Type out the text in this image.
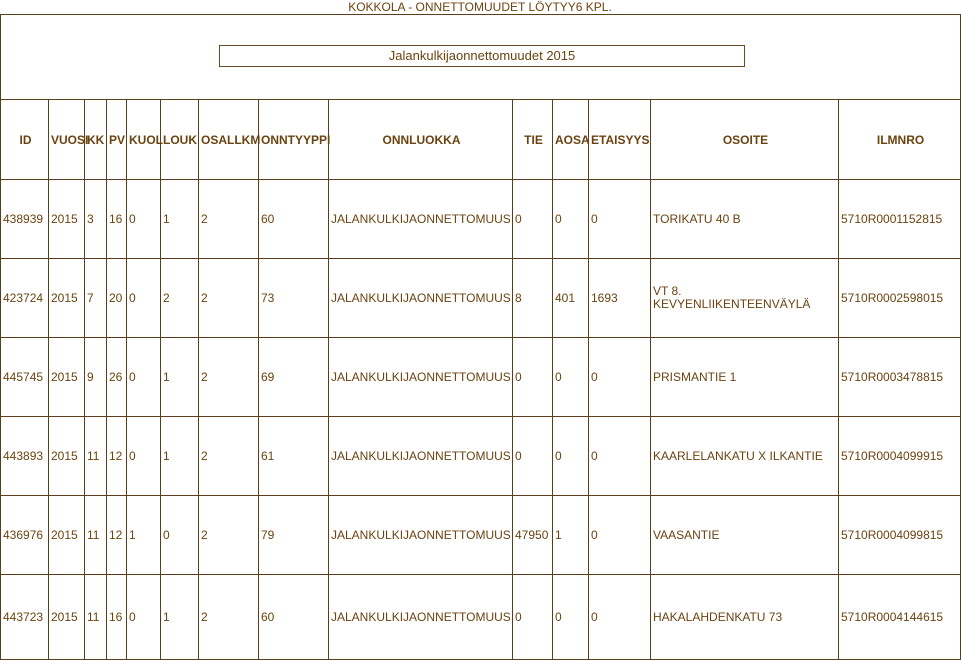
KOKKOLA - ONNETTOMUUDET LÖYTYY6 KPL.
Jalankulkijaonnettomuudet 2015													

ID	VUOSI	KK	PV	KUOL	LOUK	OSALLKM	ONNTYYPPI	ONNLUOKKA	TIE	AOSA	ETAISYYS	OSOITE	ILMNRO
438939	2015	3	16	0	1	2	60	JALANKULKIJAONNETTOMUUS	0	0	0	TORIKATU 40 B	5710R0001152815
423724	2015	7	20	0	2	2	73	JALANKULKIJAONNETTOMUUS	8	401	1693	VT 8. KEVYENLIIKENTEENVÄYLÄ	5710R0002598015
445745	2015	9	26	0	1	2	69	JALANKULKIJAONNETTOMUUS	0	0	0	PRISMANTIE 1	5710R0003478815
443893	2015	11	12	0	1	2	61	JALANKULKIJAONNETTOMUUS	0	0	0	KAARLELANKATU X ILKANTIE	5710R0004099915
436976	2015	11	12	1	0	2	79	JALANKULKIJAONNETTOMUUS	47950	1	0	VAASANTIE	5710R0004099815
443723	2015	11	16	0	1	2	60	JALANKULKIJAONNETTOMUUS	0	0	0	HAKALAHDENKATU 73	5710R0004144615
